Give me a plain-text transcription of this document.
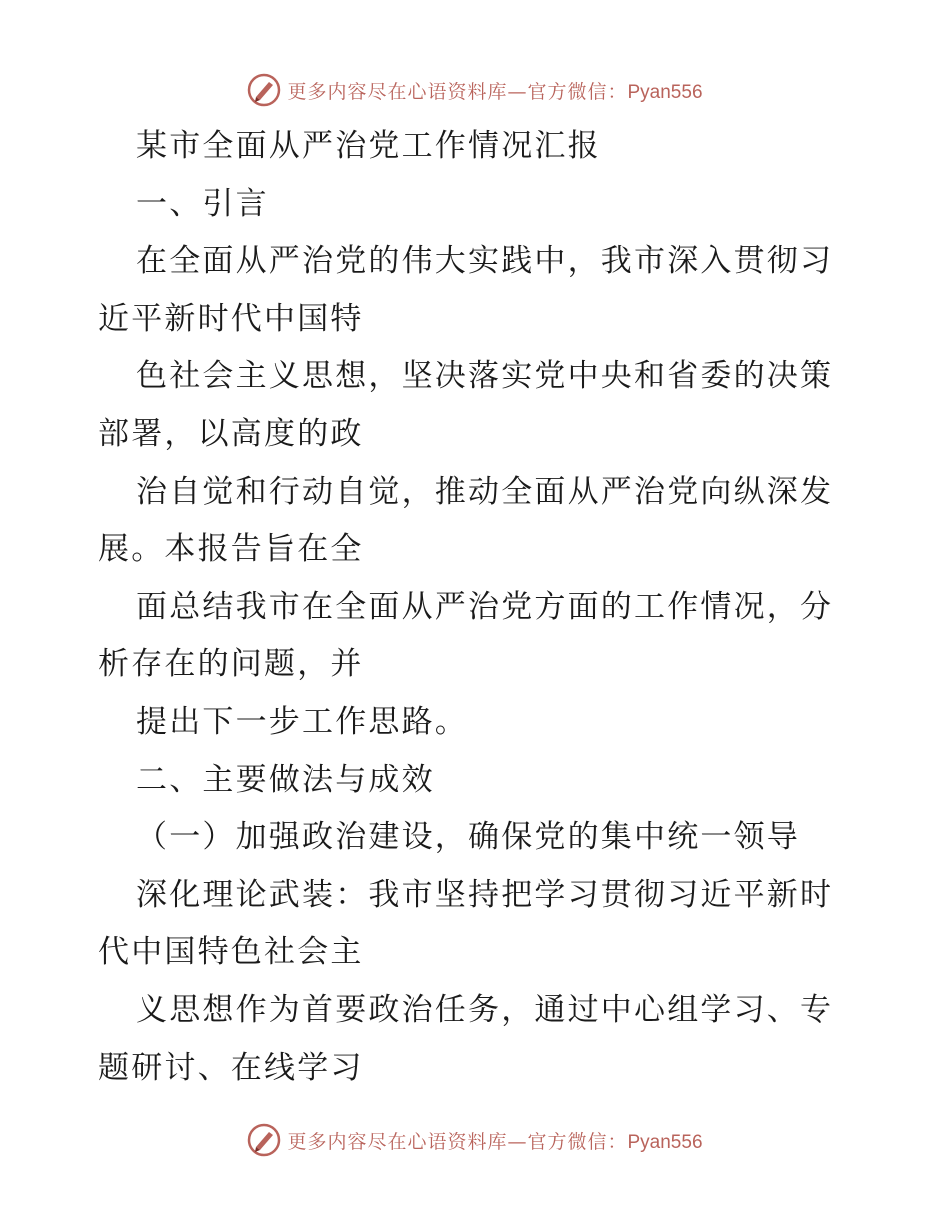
更多内容尽在心语资料库—官方微信：Pyan556
某市全面从严治党工作情况汇报
一、引言
在全面从严治党的伟大实践中，我市深入贯彻习
近平新时代中国特
色社会主义思想，坚决落实党中央和省委的决策
部署，以高度的政
治自觉和行动自觉，推动全面从严治党向纵深发
展。本报告旨在全
面总结我市在全面从严治党方面的工作情况，分
析存在的问题，并
提出下一步工作思路。
二、主要做法与成效
（一）加强政治建设，确保党的集中统一领导
深化理论武装：我市坚持把学习贯彻习近平新时
代中国特色社会主
义思想作为首要政治任务，通过中心组学习、专
题研讨、在线学习
更多内容尽在心语资料库—官方微信：Pyan556
